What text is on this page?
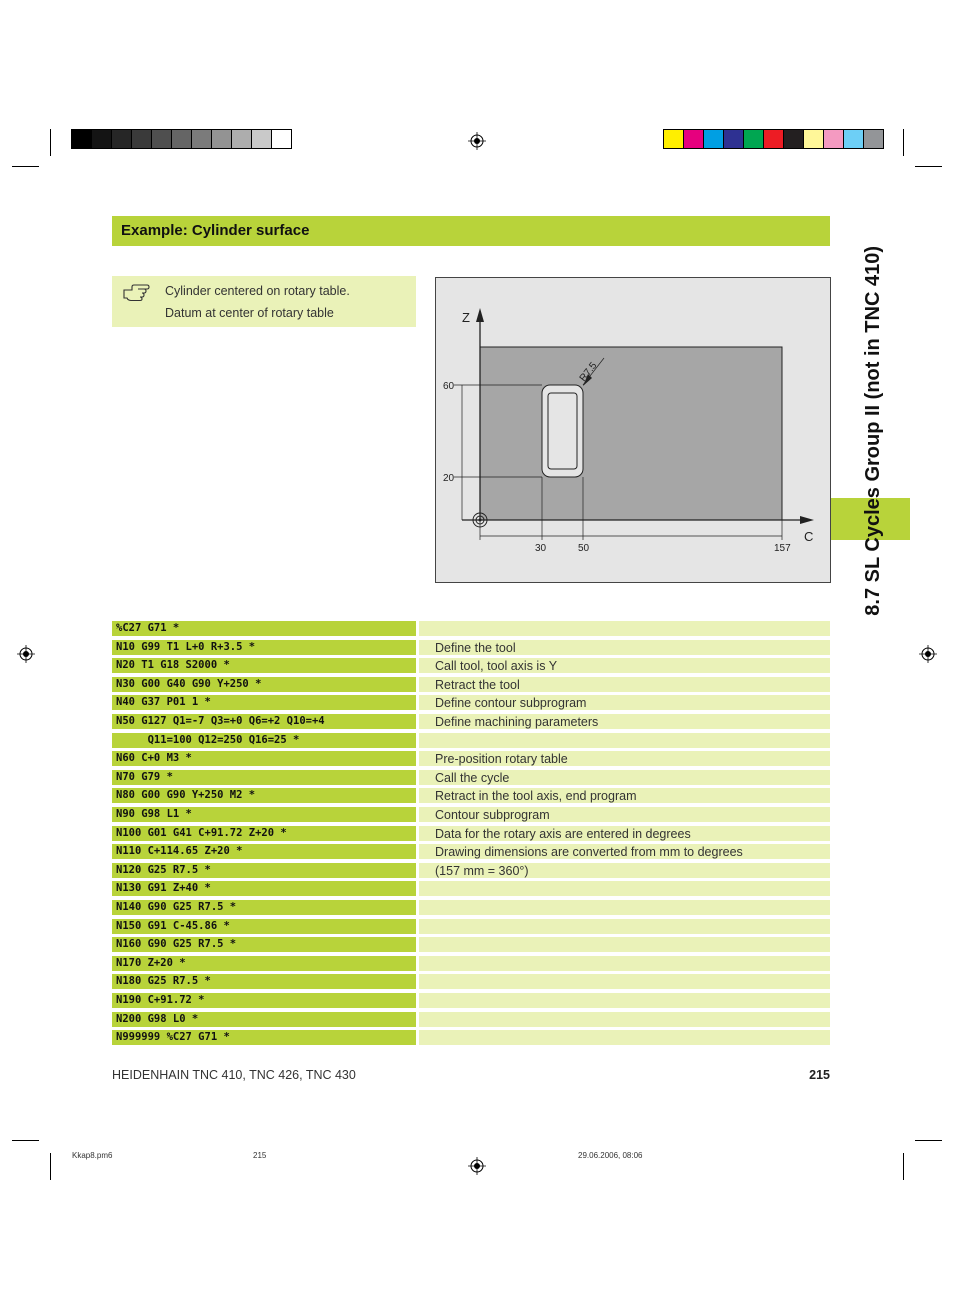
Example: Cylinder surface
Cylinder centered on rotary table.
Datum at center of rotary table	8.7 SL Cycles Group II (not in TNC 410)
Z
C
60
20
30	50	157
R7.5
%C27 G71 *
N10 G99 T1 L+0 R+3.5 *	Define the tool
N20 T1 G18 S2000 *	Call tool, tool axis is Y
N30 G00 G40 G90 Y+250 *	Retract the tool
N40 G37 P01 1 *	Define contour subprogram
N50 G127 Q1=-7 Q3=+0 Q6=+2 Q10=+4	Define machining parameters
Q11=100 Q12=250 Q16=25 *
N60 C+0 M3 *	Pre-position rotary table
N70 G79 *	Call the cycle
N80 G00 G90 Y+250 M2 *	Retract in the tool axis, end program
N90 G98 L1 *	Contour subprogram
N100 G01 G41 C+91.72 Z+20 *	Data for the rotary axis are entered in degrees
N110 C+114.65 Z+20 *	Drawing dimensions are converted from mm to degrees
N120 G25 R7.5 *	(157 mm = 360°)
N130 G91 Z+40 *
N140 G90 G25 R7.5 *
N150 G91 C-45.86 *
N160 G90 G25 R7.5 *
N170 Z+20 *
N180 G25 R7.5 *
N190 C+91.72 *
N200 G98 L0 *
N999999 %C27 G71 *
HEIDENHAIN TNC 410, TNC 426, TNC 430	215
Kkap8.pm6	215	29.06.2006, 08:06
